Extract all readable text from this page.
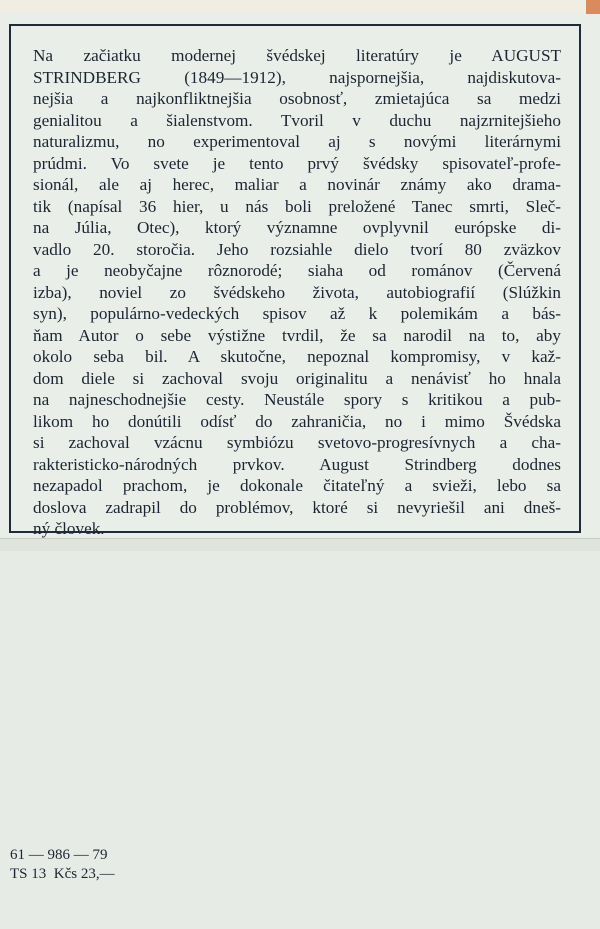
Na začiatku modernej švédskej literatúry je AUGUST
STRINDBERG (1849—1912), najspornejšia, najdiskutova-
nejšia a najkonfliktnejšia osobnosť, zmietajúca sa medzi
genialitou a šialenstvom. Tvoril v duchu najzrnitejšieho
naturalizmu, no experimentoval aj s novými literárnymi
prúdmi. Vo svete je tento prvý švédsky spisovateľ-profe-
sionál, ale aj herec, maliar a novinár známy ako drama-
tik (napísal 36 hier, u nás boli preložené Tanec smrti, Sleč-
na Júlia, Otec), ktorý významne ovplyvnil európske di-
vadlo 20. storočia. Jeho rozsiahle dielo tvorí 80 zväzkov
a je neobyčajne rôznorodé; siaha od románov (Červená
izba), noviel zo švédskeho života, autobiografií (Slúžkin
syn), populárno-vedeckých spisov až k polemikám a bás-
ňam Autor o sebe výstižne tvrdil, že sa narodil na to, aby
okolo seba bil. A skutočne, nepoznal kompromisy, v kaž-
dom diele si zachoval svoju originalitu a nenávisť ho hnala
na najneschodnejšie cesty. Neustále spory s kritikou a pub-
likom ho donútili odísť do zahraničia, no i mimo Švédska
si zachoval vzácnu symbiózu svetovo-progresívnych a cha-
rakteristicko-národných prvkov. August Strindberg dodnes
nezapadol prachom, je dokonale čitateľný a svieži, lebo sa
doslova zadrapil do problémov, ktoré si nevyriešil ani dneš-
ný človek.

61 — 986 — 79
TS 13  Kčs 23,—
